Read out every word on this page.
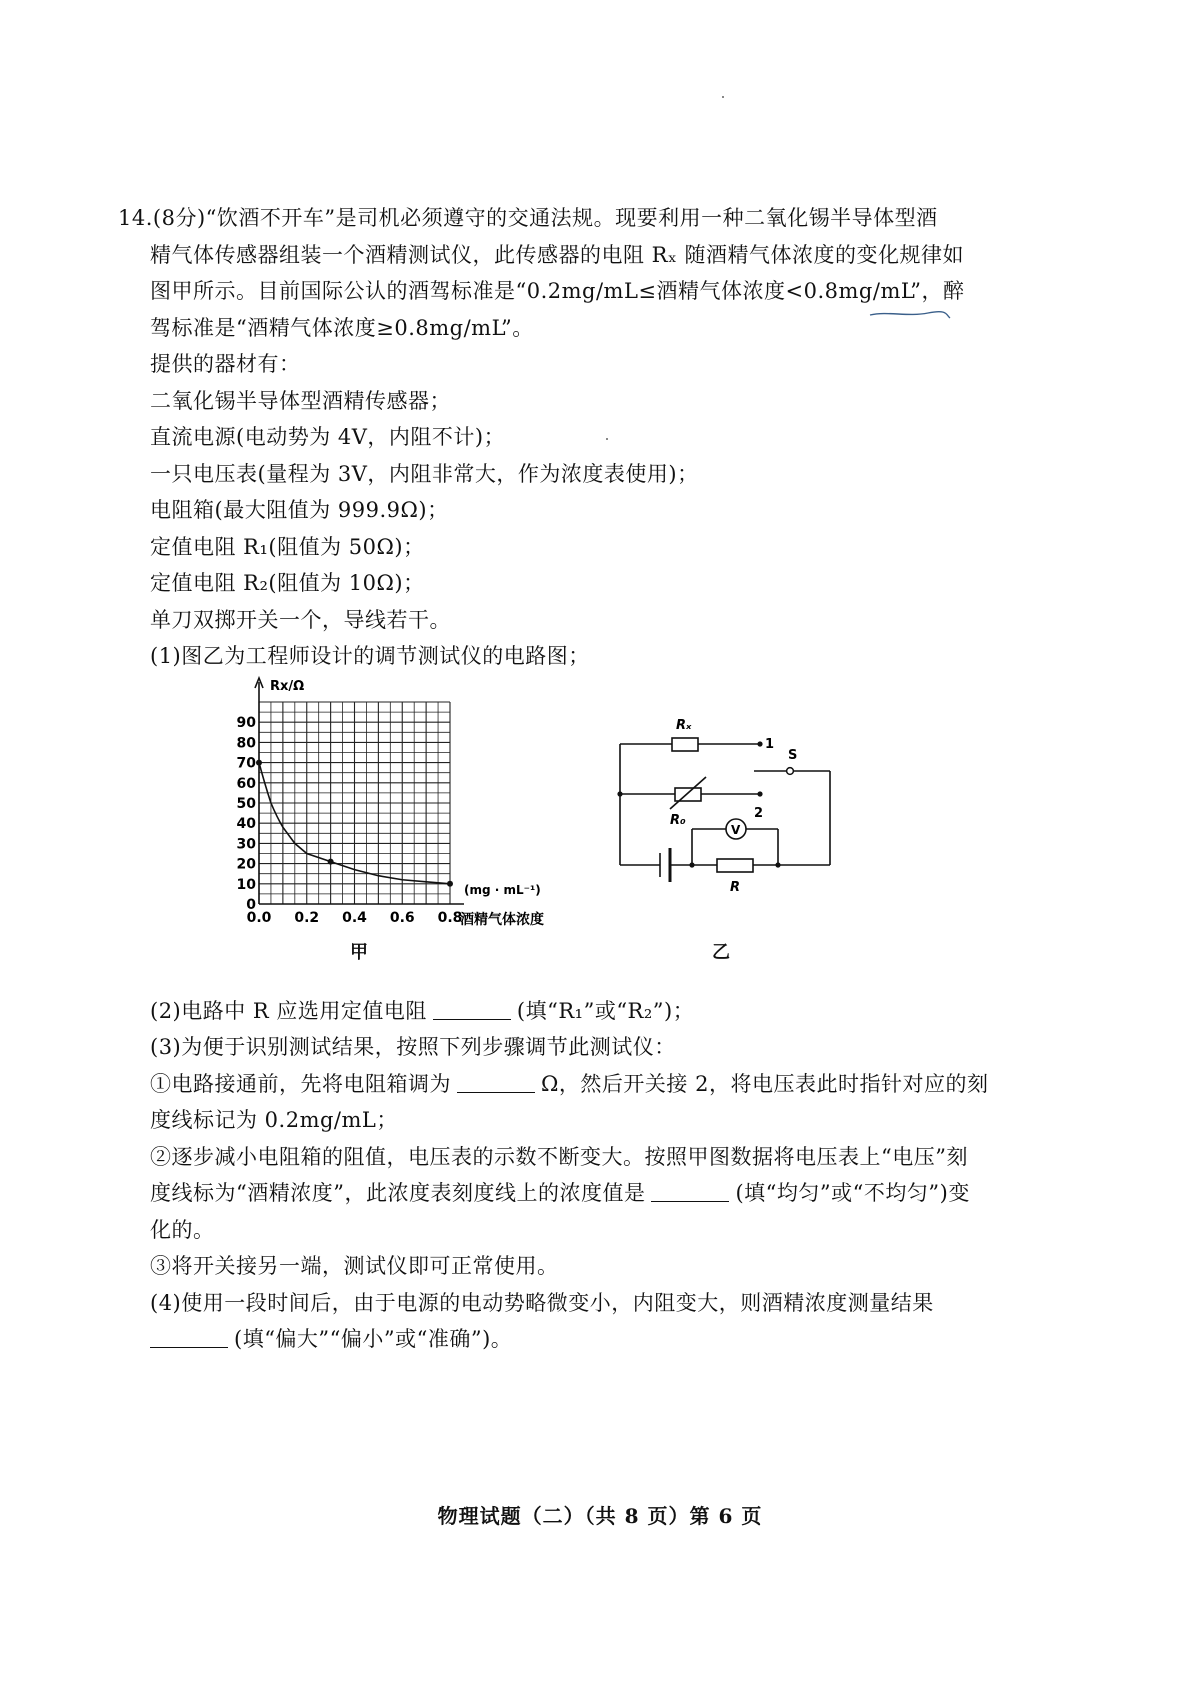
14.(8分)“饮酒不开车”是司机必须遵守的交通法规。现要利用一种二氧化锡半导体型酒
精气体传感器组装一个酒精测试仪，此传感器的电阻 Rₓ 随酒精气体浓度的变化规律如
图甲所示。目前国际公认的酒驾标准是“0.2mg/mL≤酒精气体浓度<0.8mg/mL”，醉
驾标准是“酒精气体浓度≥0.8mg/mL”。
提供的器材有：
二氧化锡半导体型酒精传感器；
直流电源(电动势为 4V，内阻不计)；
一只电压表(量程为 3V，内阻非常大，作为浓度表使用)；
电阻箱(最大阻值为 999.9Ω)；
定值电阻 R₁(阻值为 50Ω)；
定值电阻 R₂(阻值为 10Ω)；
单刀双掷开关一个，导线若干。
(1)图乙为工程师设计的调节测试仪的电路图；
(2)电路中 R 应选用定值电阻	(填“R₁”或“R₂”)；
(3)为便于识别测试结果，按照下列步骤调节此测试仪：
①电路接通前，先将电阻箱调为	Ω，然后开关接 2，将电压表此时指针对应的刻
度线标记为 0.2mg/mL；
②逐步减小电阻箱的阻值，电压表的示数不断变大。按照甲图数据将电压表上“电压”刻
度线标为“酒精浓度”，此浓度表刻度线上的浓度值是	(填“均匀”或“不均匀”)变
化的。
③将开关接另一端，测试仪即可正常使用。
(4)使用一段时间后，由于电源的电动势略微变小，内阻变大，则酒精浓度测量结果
(填“偏大”“偏小”或“准确”)。
0
10
20
30
40
50
60
70
80
90
0.0 0.2 0.4 0.6 0.8
Rx/Ω
(mg · mL⁻¹)
酒精气体浓度
甲
Rₓ
R₀
R
S
V
1
2
乙
物理试题（二）（共 8 页）第 6 页
